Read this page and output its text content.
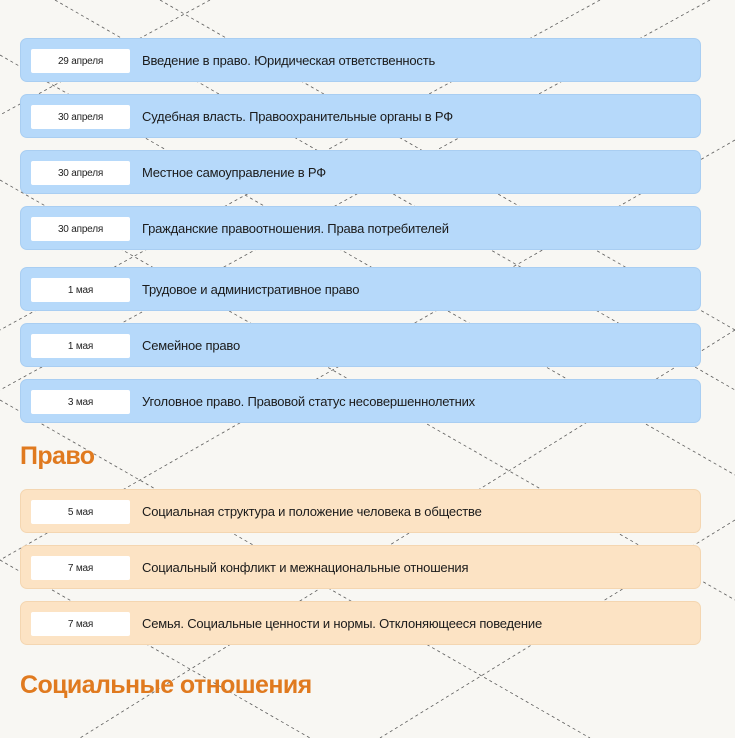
29 апреля	Введение в право. Юридическая ответственность
30 апреля	Судебная власть. Правоохранительные органы в РФ
30 апреля	Местное самоуправление в РФ
30 апреля	Гражданские правоотношения. Права потребителей
1 мая	Трудовое и административное право
1 мая	Семейное право
3 мая	Уголовное право. Правовой статус несовершеннолетних
Право
5 мая	Социальная структура и положение человека в обществе
7 мая	Социальный конфликт и межнациональные отношения
7 мая	Семья. Социальные ценности и нормы. Отклоняющееся поведение
Социальные отношения
